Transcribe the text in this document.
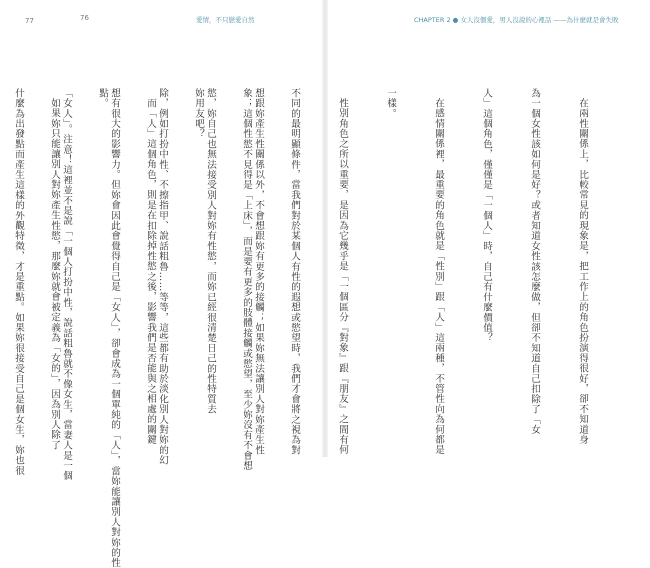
77	76	愛情，不只戀愛自然

想跟妳產生性關係以外，不會想跟妳有更多的接觸；如果妳無法讓別人對妳產生性

慾，妳自己也無法接受別人對妳有性慾，而妳已經很清楚日己的性特質去

除，例如打扮中性、不擦指甲、說話粗魯……等等，這些都有助於淡化別人對妳的幻

想有很大的影響力。但妳會因此會覺得自己是「女人」，卻會成為一個單純的「人」，當妳能讓別人對妳的性

「女人」。注意！這裡並不是說「一個人打扮中性，說話粗魯就不像女生，當妻人是一個

什麼為出發點而產生這樣的外觀特徵，才是重點。如果妳很接受自己是個女生，妳也很

CHAPTER 2 ● 女人沒個愛，男人沒說的心裡話 ——為什麼就是會失敗

在兩性關係上，比較常見的現象是，把工作上的角色扮演得很好，卻不知道身

為一個女性該如何是好？或者知道女性該怎麼做，但卻不知道自己扣除了「女

人」這個角色，僅僅是「一個人」時，自己有什麼價值？

在感情關係裡，最重要的角色就是「性別」跟「人」這兩種，不管性向為何都是

一樣。

性別角色之所以重要，是因為它幾乎是「一個區分『對象』跟『朋友』之間有何

不同的最明顯條件，當我們對於某個人有性的遐想或慾望時，我們才會將之視為對

象；這個性慾不見得是「上床」，而是要有更多的肢體接觸或慾望，至少妳沒有不會想

妳用友吧？

而「人」這個角色，則是在扣除掉性慾之後，影響我們是否能與之相處的關鍵

點。

如果妳只能讓別人對妳產生性慾，那麼妳就會被定義為「女的」，因為別人除了
